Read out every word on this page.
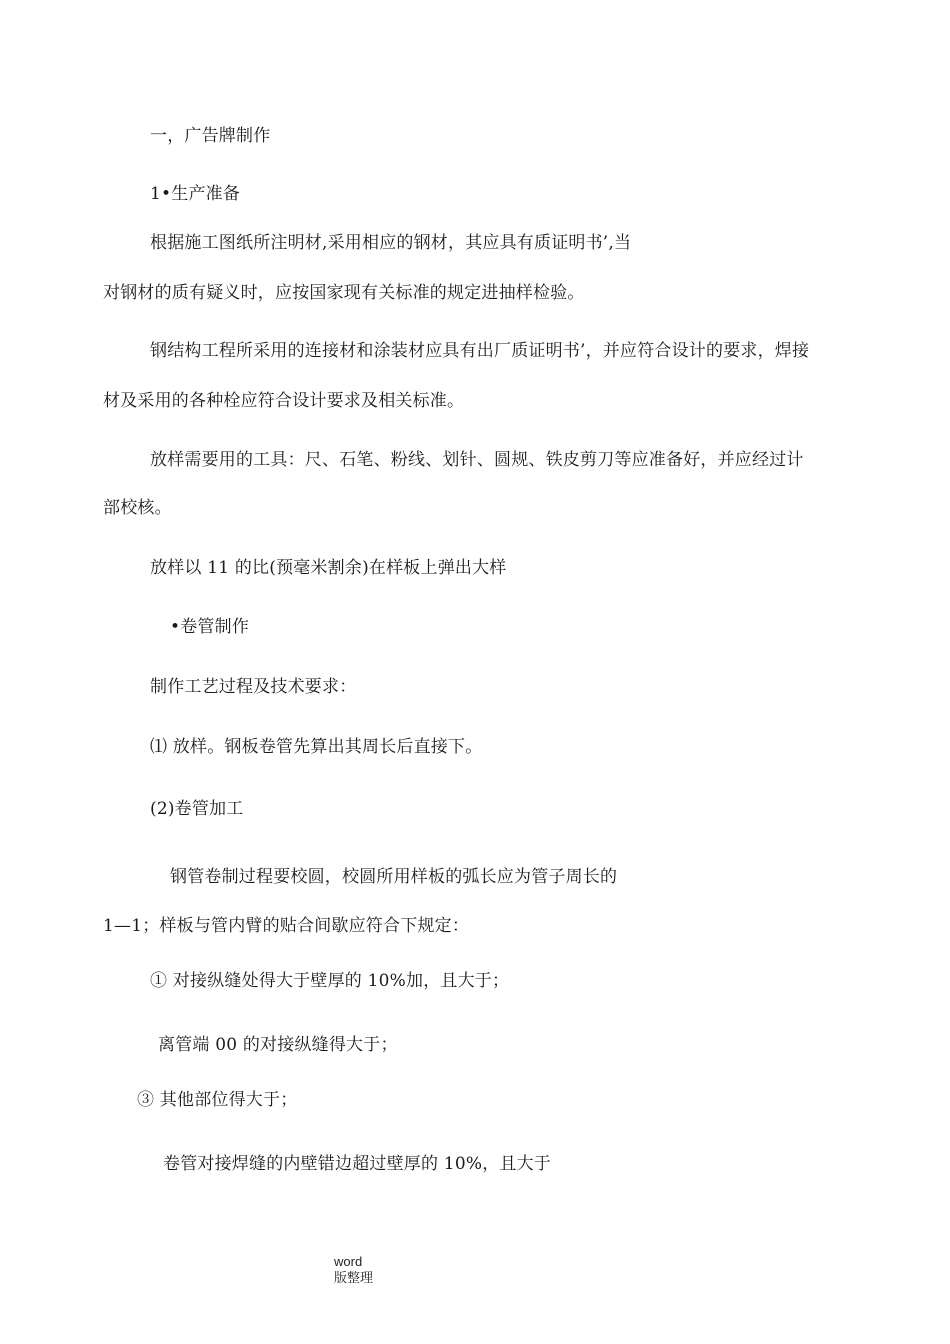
一，广告牌制作
1•生产准备
根据施工图纸所注明材,采用相应的钢材，其应具有质证明书’,当
对钢材的质有疑义时，应按国家现有关标准的规定进抽样检验。
钢结构工程所采用的连接材和涂装材应具有出厂质证明书’，并应符合设计的要求，焊接
材及采用的各种栓应符合设计要求及相关标准。
放样需要用的工具：尺、石笔、粉线、划针、圆规、铁皮剪刀等应准备好，并应经过计
部校核。
放样以 11 的比(预毫米割余)在样板上弹出大样
•卷管制作
制作工艺过程及技术要求：
⑴ 放样。钢板卷管先算出其周长后直接下。
(2)卷管加工
钢管卷制过程要校圆，校圆所用样板的弧长应为管子周长的
1—1；样板与管内臂的贴合间歇应符合下规定：
① 对接纵缝处得大于壁厚的 10%加，且大于；
离管端 00 的对接纵缝得大于；
③ 其他部位得大于；
卷管对接焊缝的内壁错边超过壁厚的 10%，且大于
word
版整理
